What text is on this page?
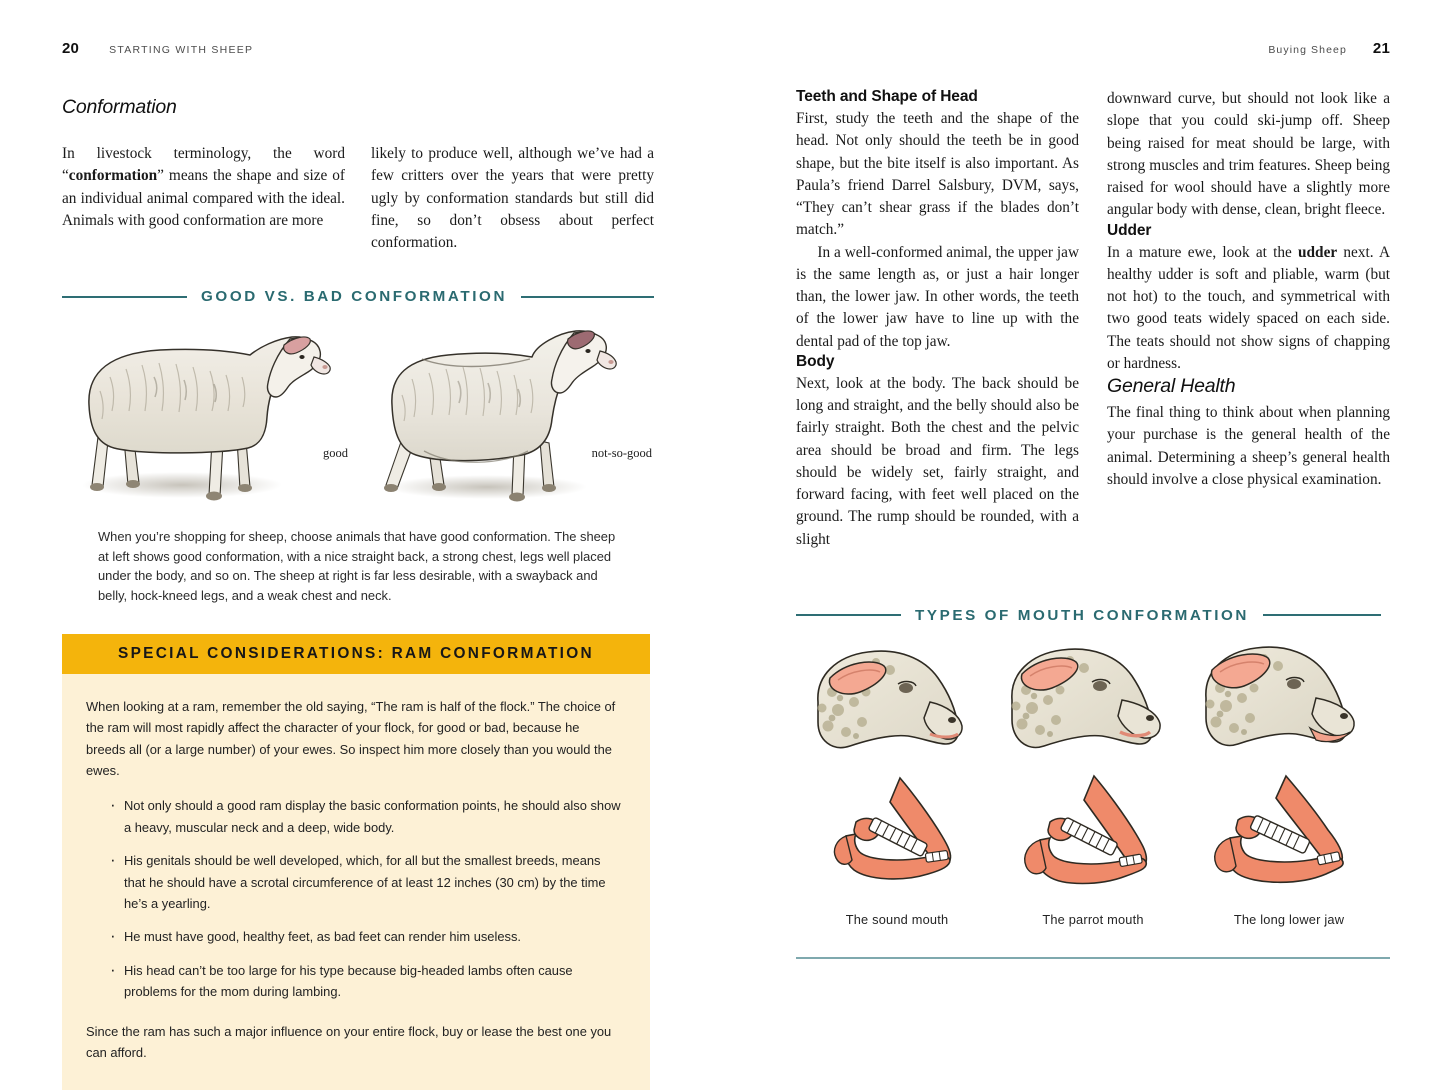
20	STARTING WITH SHEEP
Conformation

In livestock terminology, the word “conformation” means the shape and size of an individual animal compared with the ideal. Animals with good conformation are more

likely to produce well, although we’ve had a few critters over the years that were pretty ugly by conformation standards but still did fine, so don’t obsess about perfect conformation.

GOOD VS. BAD CONFORMATION
good	not-so-good

When you’re shopping for sheep, choose animals that have good conformation. The sheep at left shows good conformation, with a nice straight back, a strong chest, legs well placed under the body, and so on. The sheep at right is far less desirable, with a swayback and belly, hock-kneed legs, and a weak chest and neck.

SPECIAL CONSIDERATIONS: RAM CONFORMATION

When looking at a ram, remember the old saying, “The ram is half of the flock.” The choice of the ram will most rapidly affect the character of your flock, for good or bad, because he breeds all (or a large number) of your ewes. So inspect him more closely than you would the ewes.

· Not only should a good ram display the basic conformation points, he should also show a heavy, muscular neck and a deep, wide body.
· His genitals should be well developed, which, for all but the smallest breeds, means that he should have a scrotal circumference of at least 12 inches (30 cm) by the time he’s a yearling.
· He must have good, healthy feet, as bad feet can render him useless.
· His head can’t be too large for his type because big-headed lambs often cause problems for the mom during lambing.

Since the ram has such a major influence on your entire flock, buy or lease the best one you can afford.

Buying Sheep 21
Teeth and Shape of Head

First, study the teeth and the shape of the head. Not only should the teeth be in good shape, but the bite itself is also important. As Paula’s friend Darrel Salsbury, DVM, says, “They can’t shear grass if the blades don’t match.”

In a well-conformed animal, the upper jaw is the same length as, or just a hair longer than, the lower jaw. In other words, the teeth of the lower jaw have to line up with the dental pad of the top jaw.

Body

Next, look at the body. The back should be long and straight, and the belly should also be fairly straight. Both the chest and the pelvic area should be broad and firm. The legs should be widely set, fairly straight, and forward facing, with feet well placed on the ground. The rump should be rounded, with a slight

downward curve, but should not look like a slope that you could ski-jump off. Sheep being raised for meat should be large, with strong muscles and trim features. Sheep being raised for wool should have a slightly more angular body with dense, clean, bright fleece.

Udder

In a mature ewe, look at the udder next. A healthy udder is soft and pliable, warm (but not hot) to the touch, and symmetrical with two good teats widely spaced on each side. The teats should not show signs of chapping or hardness.

General Health

The final thing to think about when planning your purchase is the general health of the animal. Determining a sheep’s general health should involve a close physical examination.

TYPES OF MOUTH CONFORMATION
The sound mouth	The parrot mouth	The long lower jaw
